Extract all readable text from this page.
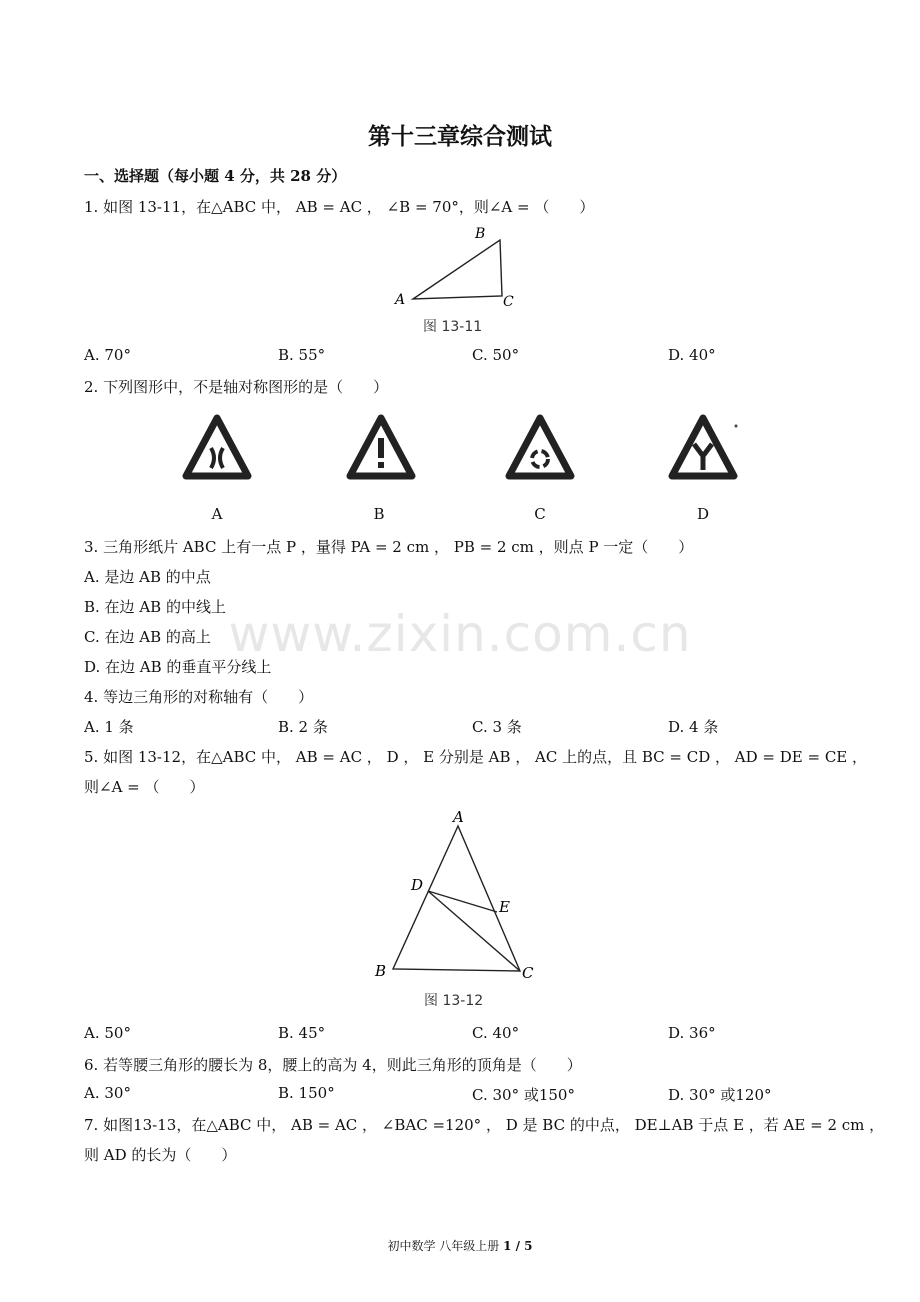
第十三章综合测试
一、选择题（每小题 4 分，共 28 分）
1. 如图 13-11，在△ABC 中， AB = AC ， ∠B = 70°，则∠A = （　　）
A
B
C
图 13-11
A. 70°	B. 55°	C. 50°	D. 40°
2. 下列图形中，不是轴对称图形的是（　　）
A	B	C	D
3. 三角形纸片 ABC 上有一点 P ，量得 PA = 2 cm ， PB = 2 cm ，则点 P 一定（　　）
A. 是边 AB 的中点
B. 在边 AB 的中线上
C. 在边 AB 的高上
D. 在边 AB 的垂直平分线上
4. 等边三角形的对称轴有（　　）
A. 1 条	B. 2 条	C. 3 条	D. 4 条
5. 如图 13-12，在△ABC 中， AB = AC ， D ， E 分别是 AB ， AC 上的点，且 BC = CD ， AD = DE = CE ，
则∠A = （　　）
A
D
E
B	C
图 13-12
A. 50°	B. 45°	C. 40°	D. 36°
6. 若等腰三角形的腰长为 8，腰上的高为 4，则此三角形的顶角是（　　）
A. 30°	B. 150°	C. 30° 或150°	D. 30° 或120°
7. 如图13-13，在△ABC 中， AB = AC ， ∠BAC =120° ， D 是 BC 的中点， DE⊥AB 于点 E ，若 AE = 2 cm ，
则 AD 的长为（　　）
www.zixin.com.cn
初中数学 八年级上册 1 / 5
